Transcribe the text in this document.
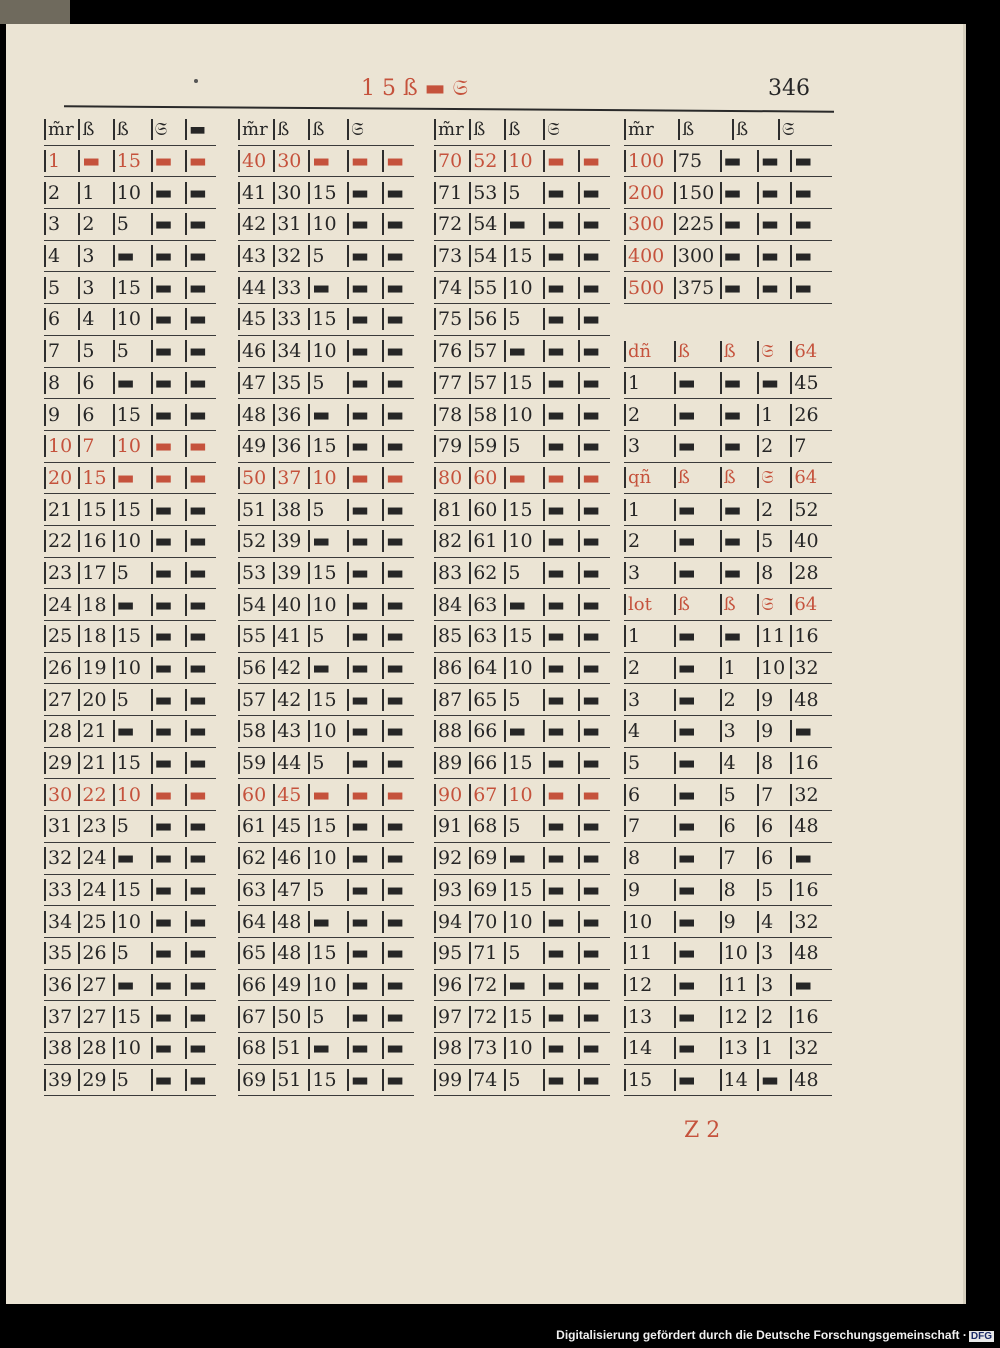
1 5 ß ▬ 𝔖	346
m̃r ß	ß	𝔖	▬
1	▬ 15 ▬ ▬
2	1	10 ▬ ▬
3	2	5	▬ ▬
4	3	▬	▬ ▬
5	3	15 ▬ ▬
6	4	10 ▬ ▬
7	5	5	▬ ▬
8	6	▬	▬ ▬
9	6	15 ▬ ▬
10 7	10 ▬ ▬
20 15 ▬	▬ ▬
21 15 15 ▬ ▬
22 16 10 ▬ ▬
23 17 5	▬ ▬
24 18 ▬	▬ ▬
25 18 15 ▬ ▬
26 19 10 ▬ ▬
27 20 5	▬ ▬
28 21 ▬	▬ ▬
29 21 15 ▬ ▬
30 22 10 ▬ ▬
31 23 5	▬ ▬
32 24 ▬	▬ ▬
33 24 15 ▬ ▬
34 25 10 ▬ ▬
35 26 5	▬ ▬
36 27 ▬	▬ ▬
37 27 15 ▬ ▬
38 28 10 ▬ ▬
39 29 5	▬ ▬
m̃r ß	ß	𝔖
40 30 ▬	▬ ▬
41 30 15 ▬ ▬
42 31 10 ▬ ▬
43 32 5	▬ ▬
44 33 ▬	▬ ▬
45 33 15 ▬ ▬
46 34 10 ▬ ▬
47 35 5	▬ ▬
48 36 ▬	▬ ▬
49 36 15 ▬ ▬
50 37 10 ▬ ▬
51 38 5	▬ ▬
52 39 ▬	▬ ▬
53 39 15 ▬ ▬
54 40 10 ▬ ▬
55 41 5	▬ ▬
56 42 ▬	▬ ▬
57 42 15 ▬ ▬
58 43 10 ▬ ▬
59 44 5	▬ ▬
60 45 ▬	▬ ▬
61 45 15 ▬ ▬
62 46 10 ▬ ▬
63 47 5	▬ ▬
64 48 ▬	▬ ▬
65 48 15 ▬ ▬
66 49 10 ▬ ▬
67 50 5	▬ ▬
68 51 ▬	▬ ▬
69 51 15 ▬ ▬
m̃r ß	ß	𝔖
70 52 10 ▬ ▬
71 53 5	▬ ▬
72 54 ▬	▬ ▬
73 54 15 ▬ ▬
74 55 10 ▬ ▬
75 56 5	▬ ▬
76 57 ▬	▬ ▬
77 57 15 ▬ ▬
78 58 10 ▬ ▬
79 59 5	▬ ▬
80 60 ▬	▬ ▬
81 60 15 ▬ ▬
82 61 10 ▬ ▬
83 62 5	▬ ▬
84 63 ▬	▬ ▬
85 63 15 ▬ ▬
86 64 10 ▬ ▬
87 65 5	▬ ▬
88 66 ▬	▬ ▬
89 66 15 ▬ ▬
90 67 10 ▬ ▬
91 68 5	▬ ▬
92 69 ▬	▬ ▬
93 69 15 ▬ ▬
94 70 10 ▬ ▬
95 71 5	▬ ▬
96 72 ▬	▬ ▬
97 72 15 ▬ ▬
98 73 10 ▬ ▬
99 74 5	▬ ▬
m̃r	ß	ß	𝔖
100 75	▬	▬ ▬
200 150 ▬	▬ ▬
300 225 ▬	▬ ▬
400 300 ▬	▬ ▬
500 375 ▬	▬ ▬
dñ	ß	ß	𝔖	64
1	▬	▬	▬ 45
2	▬	▬	1	26
3	▬	▬	2	7
qñ	ß	ß	𝔖	64
1	▬	▬	2	52
2	▬	▬	5	40
3	▬	▬	8	28
lot	ß	ß	𝔖	64
1	▬	▬	11 16
2	▬	1	10 32
3	▬	2	9	48
4	▬	3	9	▬
5	▬	4	8	16
6	▬	5	7	32
7	▬	6	6	48
8	▬	7	6	▬
9	▬	8	5	16
10	▬	9	4	32
11	▬	10 3	48
12	▬	11 3	▬
13	▬	12 2	16
14	▬	13 1	32
15	▬	14 ▬ 48
Z 2
Digitalisierung gefördert durch die Deutsche Forschungsgemeinschaft · DFG
